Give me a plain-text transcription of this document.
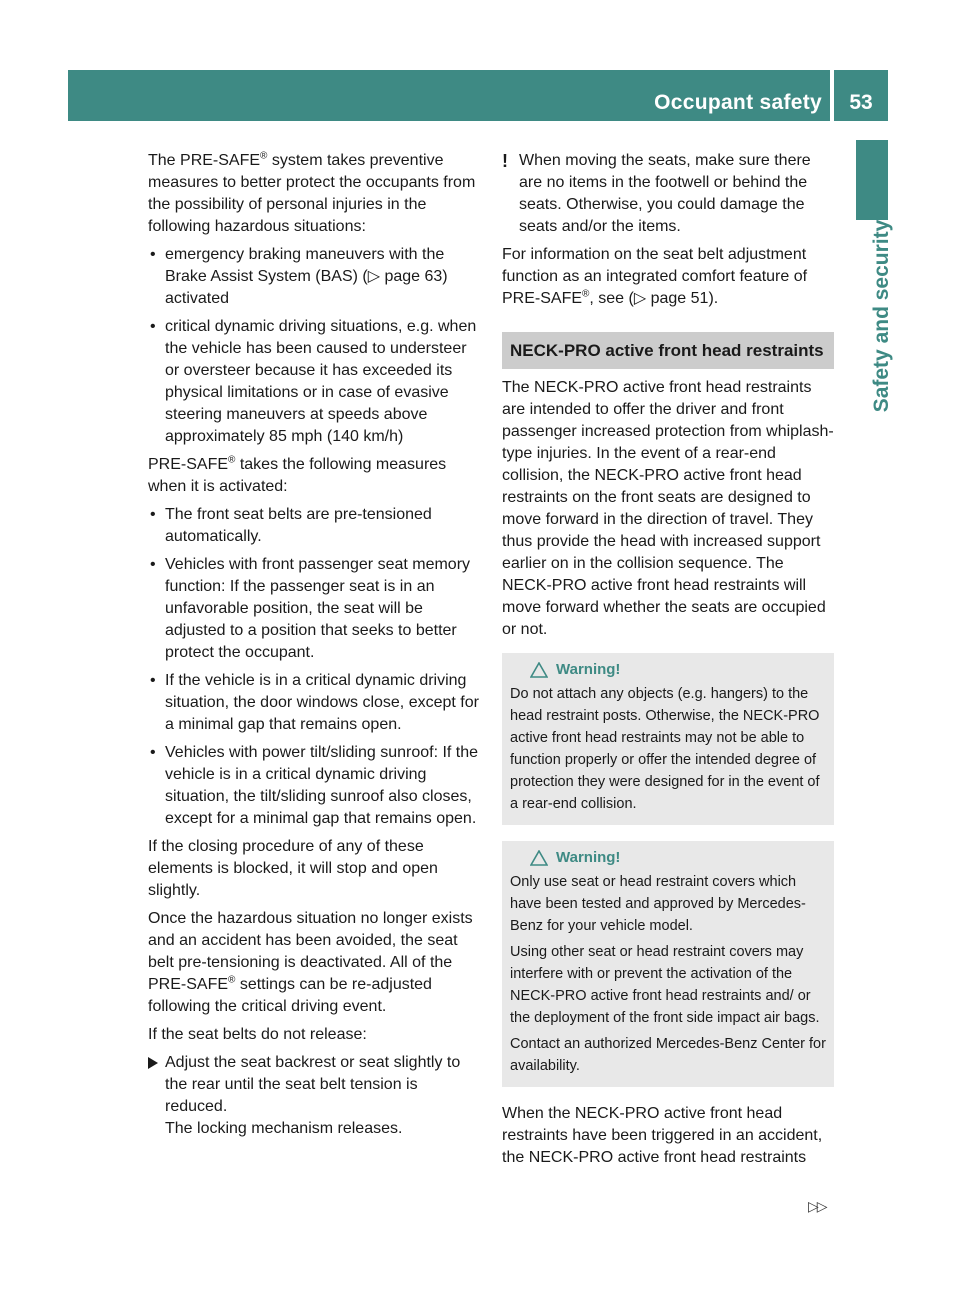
Occupant safety	53
Safety and security

The PRE-SAFE® system takes preventive measures to better protect the occupants from the possibility of personal injuries in the following hazardous situations:

• emergency braking maneuvers with the Brake Assist System (BAS) (▷ page 63) activated
• critical dynamic driving situations, e.g. when the vehicle has been caused to understeer or oversteer because it has exceeded its physical limitations or in case of evasive steering maneuvers at speeds above approximately 85 mph (140 km/h)

PRE-SAFE® takes the following measures when it is activated:

• The front seat belts are pre-tensioned automatically.
• Vehicles with front passenger seat memory function: If the passenger seat is in an unfavorable position, the seat will be adjusted to a position that seeks to better protect the occupant.
• If the vehicle is in a critical dynamic driving situation, the door windows close, except for a minimal gap that remains open.
• Vehicles with power tilt/sliding sunroof: If the vehicle is in a critical dynamic driving situation, the tilt/sliding sunroof also closes, except for a minimal gap that remains open.

If the closing procedure of any of these elements is blocked, it will stop and open slightly.

Once the hazardous situation no longer exists and an accident has been avoided, the seat belt pre-tensioning is deactivated. All of the PRE-SAFE® settings can be re-adjusted following the critical driving event.

If the seat belts do not release:

Adjust the seat backrest or seat slightly to the rear until the seat belt tension is reduced.
The locking mechanism releases.
! When moving the seats, make sure there are no items in the footwell or behind the seats. Otherwise, you could damage the seats and/or the items.

For information on the seat belt adjustment function as an integrated comfort feature of PRE-SAFE®, see (▷ page 51).

NECK-PRO active front head restraints

The NECK-PRO active front head restraints are intended to offer the driver and front passenger increased protection from whiplash-type injuries. In the event of a rear-end collision, the NECK-PRO active front head restraints on the front seats are designed to move forward in the direction of travel. They thus provide the head with increased support earlier on in the collision sequence. The NECK-PRO active front head restraints will move forward whether the seats are occupied or not.

Warning!

Do not attach any objects (e.g. hangers) to the head restraint posts. Otherwise, the NECK-PRO active front head restraints may not be able to function properly or offer the intended degree of protection they were designed for in the event of a rear-end collision.

Warning!

Only use seat or head restraint covers which have been tested and approved by Mercedes-Benz for your vehicle model.

Using other seat or head restraint covers may interfere with or prevent the activation of the NECK-PRO active front head restraints and/ or the deployment of the front side impact air bags.

Contact an authorized Mercedes-Benz Center for availability.

When the NECK-PRO active front head restraints have been triggered in an accident, the NECK-PRO active front head restraints

▷▷
